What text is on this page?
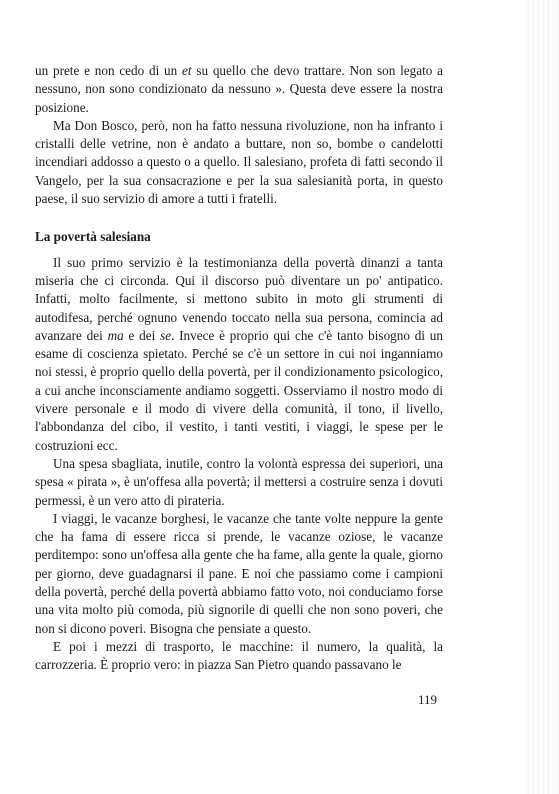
un prete e non cedo di un et su quello che devo trattare. Non son legato a nessuno, non sono condizionato da nessuno ». Questa deve essere la nostra posizione.

Ma Don Bosco, però, non ha fatto nessuna rivoluzione, non ha infranto i cristalli delle vetrine, non è andato a buttare, non so, bombe o candelotti incendiari addosso a questo o a quello. Il salesiano, profeta di fatti secondo il Vangelo, per la sua consacrazione e per la sua salesianità porta, in questo paese, il suo servizio di amore a tutti i fratelli.

La povertà salesiana

Il suo primo servizio è la testimonianza della povertà dinanzi a tanta miseria che ci circonda. Qui il discorso può diventare un po' antipatico. Infatti, molto facilmente, si mettono subito in moto gli strumenti di autodifesa, perché ognuno venendo toccato nella sua persona, comincia ad avanzare dei ma e dei se. Invece è proprio qui che c'è tanto bisogno di un esame di coscienza spietato. Perché se c'è un settore in cui noi inganniamo noi stessi, è proprio quello della povertà, per il condizionamento psicologico, a cui anche inconsciamente andiamo soggetti. Osserviamo il nostro modo di vivere personale e il modo di vivere della comunità, il tono, il livello, l'abbondanza del cibo, il vestito, i tanti vestiti, i viaggi, le spese per le costruzioni ecc.

Una spesa sbagliata, inutile, contro la volontà espressa dei superiori, una spesa « pirata », è un'offesa alla povertà; il mettersi a costruire senza i dovuti permessi, è un vero atto di pirateria.

I viaggi, le vacanze borghesi, le vacanze che tante volte neppure la gente che ha fama di essere ricca si prende, le vacanze oziose, le vacanze perditempo: sono un'offesa alla gente che ha fame, alla gente la quale, giorno per giorno, deve guadagnarsi il pane. E noi che passiamo come i campioni della povertà, perché della povertà abbiamo fatto voto, noi conduciamo forse una vita molto più comoda, più signorile di quelli che non sono poveri, che non si dicono poveri. Bisogna che pensiate a questo.

E poi i mezzi di trasporto, le macchine: il numero, la qualità, la carrozzeria. È proprio vero: in piazza San Pietro quando passavano le

119
